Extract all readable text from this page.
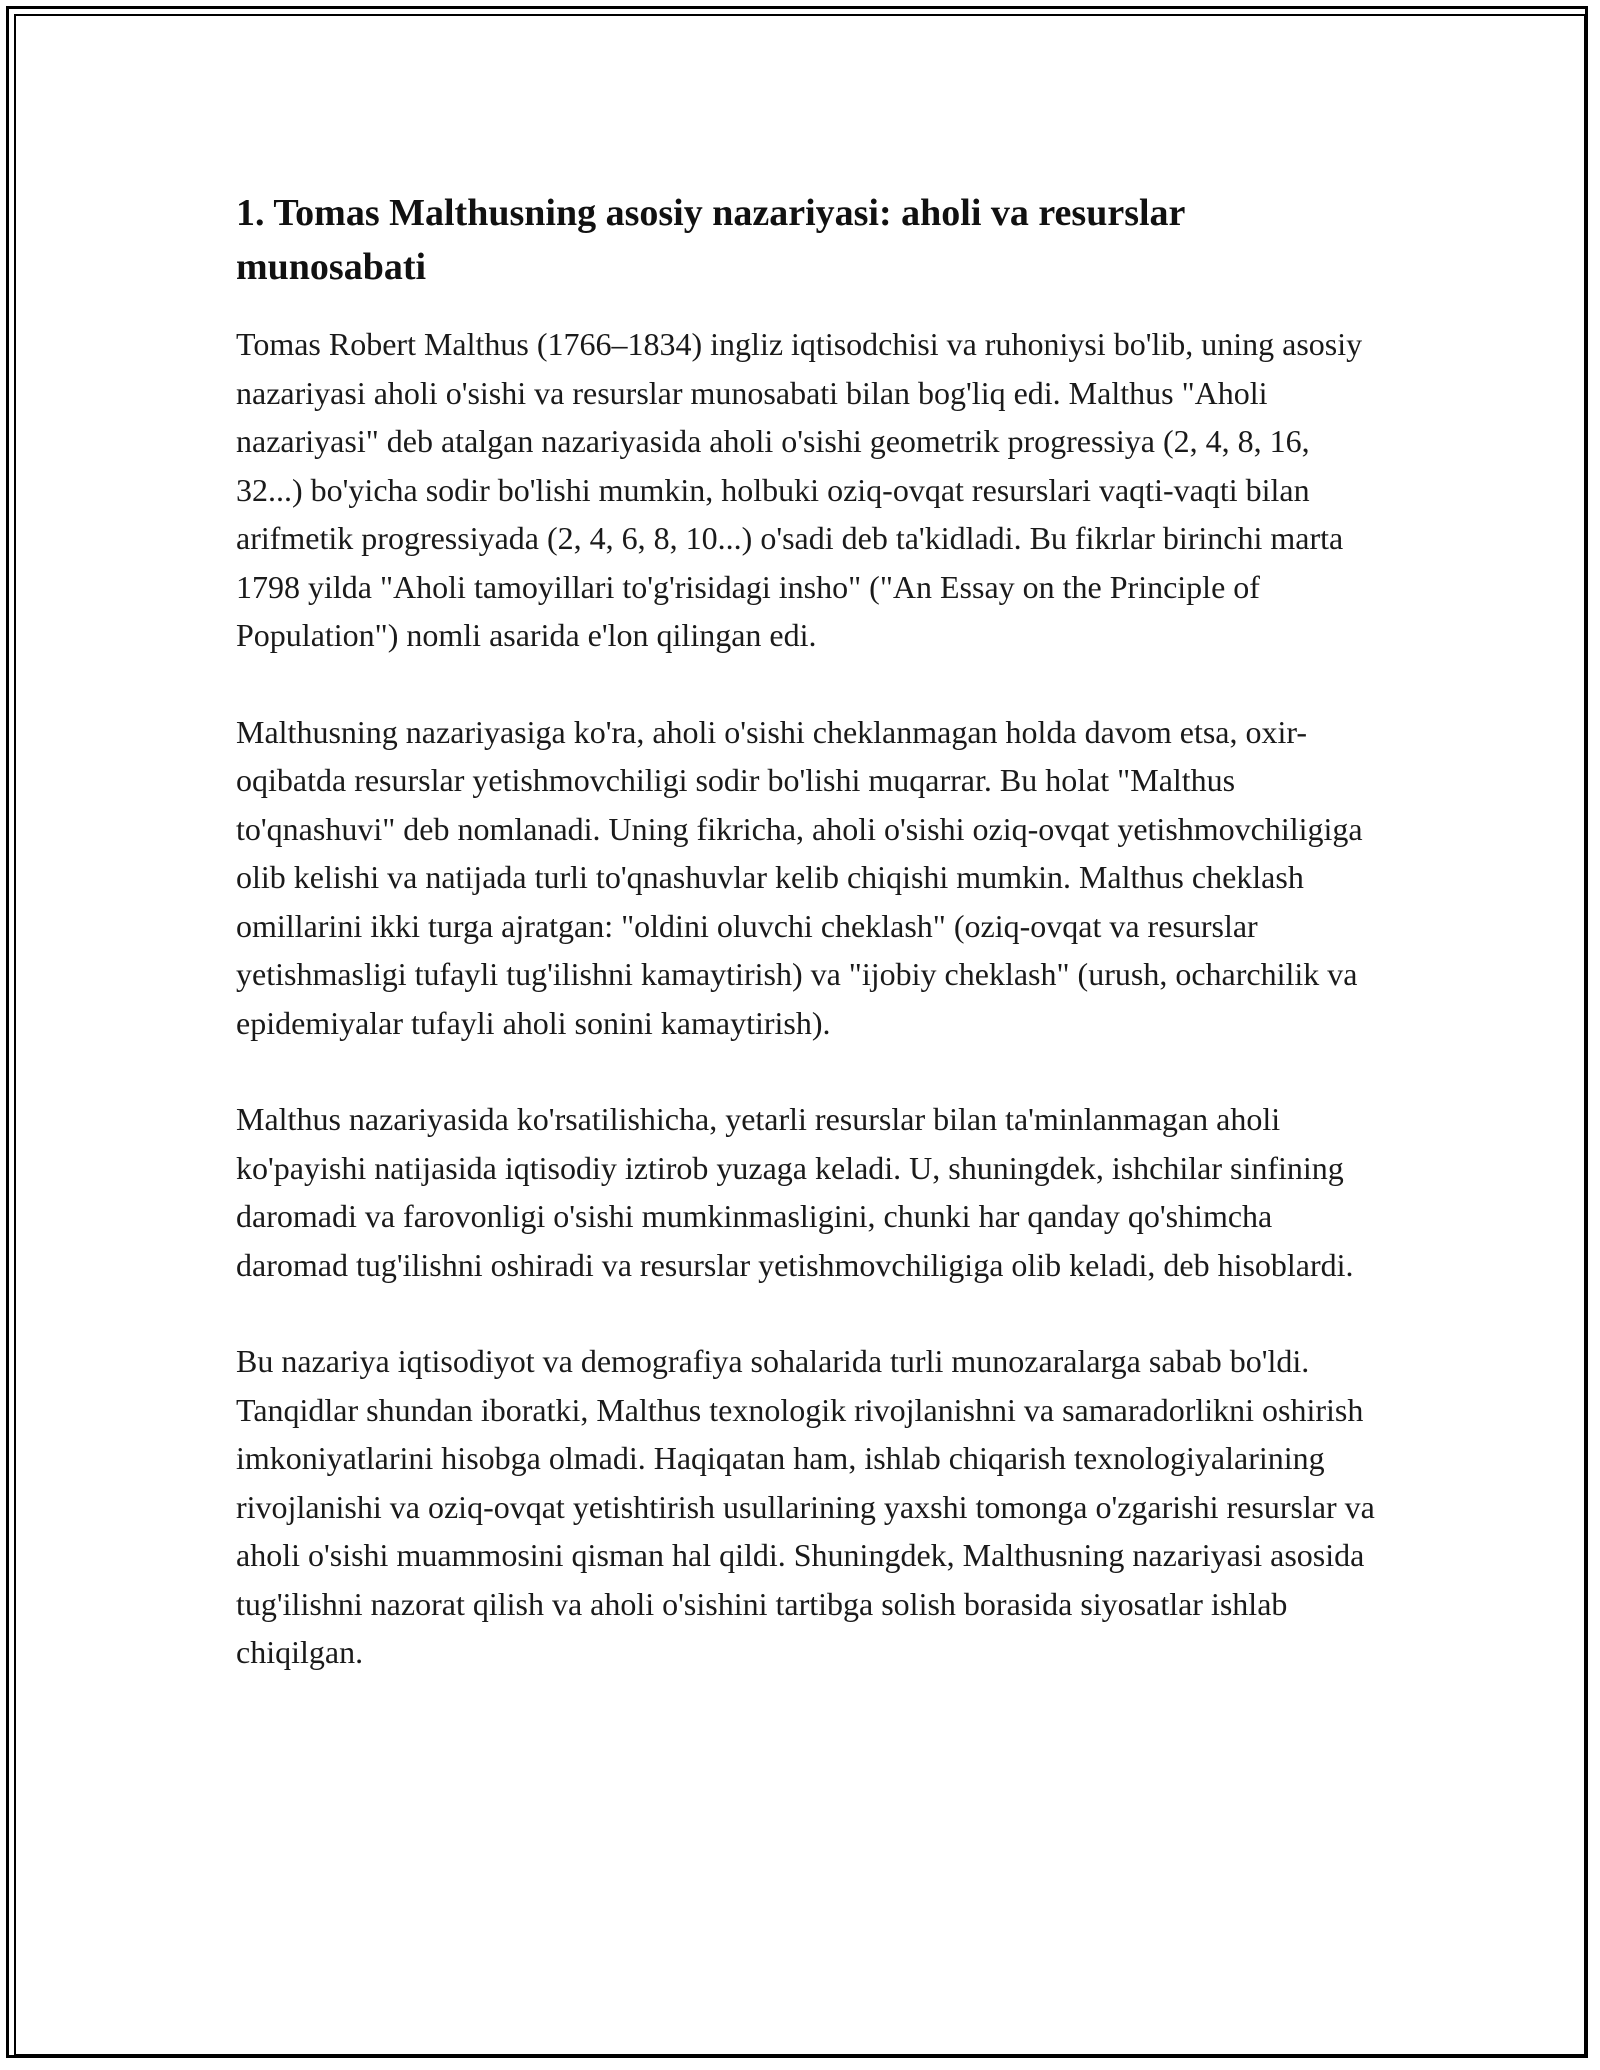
1. Tomas Malthusning asosiy nazariyasi: aholi va resurslar munosabati

Tomas Robert Malthus (1766–1834) ingliz iqtisodchisi va ruhoniysi bo'lib, uning asosiy nazariyasi aholi o'sishi va resurslar munosabati bilan bog'liq edi. Malthus "Aholi nazariyasi" deb atalgan nazariyasida aholi o'sishi geometrik progressiya (2, 4, 8, 16, 32...) bo'yicha sodir bo'lishi mumkin, holbuki oziq-ovqat resurslari vaqti-vaqti bilan arifmetik progressiyada (2, 4, 6, 8, 10...) o'sadi deb ta'kidladi. Bu fikrlar birinchi marta 1798 yilda "Aholi tamoyillari to'g'risidagi insho" ("An Essay on the Principle of Population") nomli asarida e'lon qilingan edi.

Malthusning nazariyasiga ko'ra, aholi o'sishi cheklanmagan holda davom etsa, oxir-oqibatda resurslar yetishmovchiligi sodir bo'lishi muqarrar. Bu holat "Malthus to'qnashuvi" deb nomlanadi. Uning fikricha, aholi o'sishi oziq-ovqat yetishmovchiligiga olib kelishi va natijada turli to'qnashuvlar kelib chiqishi mumkin. Malthus cheklash omillarini ikki turga ajratgan: "oldini oluvchi cheklash" (oziq-ovqat va resurslar yetishmasligi tufayli tug'ilishni kamaytirish) va "ijobiy cheklash" (urush, ocharchilik va epidemiyalar tufayli aholi sonini kamaytirish).

Malthus nazariyasida ko'rsatilishicha, yetarli resurslar bilan ta'minlanmagan aholi ko'payishi natijasida iqtisodiy iztirob yuzaga keladi. U, shuningdek, ishchilar sinfining daromadi va farovonligi o'sishi mumkinmasligini, chunki har qanday qo'shimcha daromad tug'ilishni oshiradi va resurslar yetishmovchiligiga olib keladi, deb hisoblardi.

Bu nazariya iqtisodiyot va demografiya sohalarida turli munozaralarga sabab bo'ldi. Tanqidlar shundan iboratki, Malthus texnologik rivojlanishni va samaradorlikni oshirish imkoniyatlarini hisobga olmadi. Haqiqatan ham, ishlab chiqarish texnologiyalarining rivojlanishi va oziq-ovqat yetishtirish usullarining yaxshi tomonga o'zgarishi resurslar va aholi o'sishi muammosini qisman hal qildi. Shuningdek, Malthusning nazariyasi asosida tug'ilishni nazorat qilish va aholi o'sishini tartibga solish borasida siyosatlar ishlab chiqilgan.
